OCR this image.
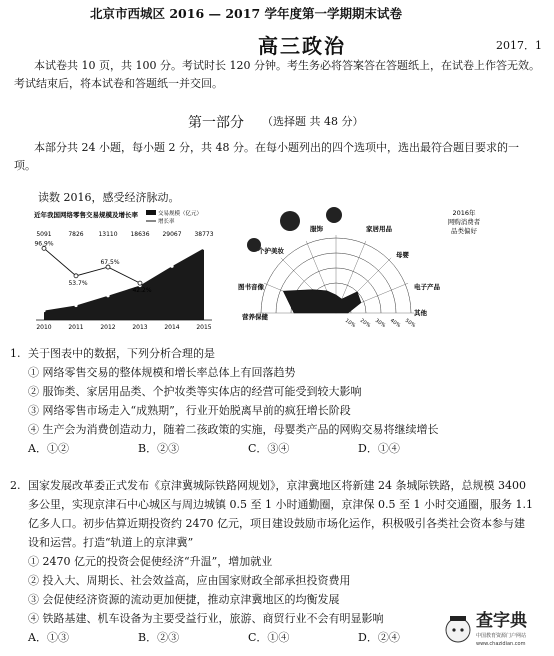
北京市西城区 2016 — 2017 学年度第一学期期末试卷
高三政治	2017．1
本试卷共 10 页，共 100 分。考试时长 120 分钟。考生务必将答案答在答题纸上，在试卷上作答无效。
考试结束后，将本试卷和答题纸一并交回。
第一部分 （选择题 共 48 分）
本部分共 24 小题，每小题 2 分，共 48 分。在每小题列出的四个选项中，选出最符合题目要求的一
项。
读数 2016，感受经济脉动。
近年我国网络零售交易规模及增长率	交易规模（亿元）
增长率
5091	7826 13110 18636 29067 38773
2010	2011	2012	2013	2014	2015
96.9%
53.7%
67.5%
42.2%
2016年
网购消费者
品类偏好
服饰	家居用品
母婴
电子产品
其他
营养保健
图书音像
个护美妆
10% 20% 30% 40% 50%
1. 关于图表中的数据，下列分析合理的是
① 网络零售交易的整体规模和增长率总体上有回落趋势
② 服饰类、家居用品类、个护妆类等实体店的经营可能受到较大影响
③ 网络零售市场走入“成熟期”，行业开始脱离早前的疯狂增长阶段
④ 生产会为消费创造动力，随着二孩政策的实施，母婴类产品的网购交易将继续增长
A．①②	B．②③	C．③④	D．①④
2. 国家发展改革委正式发布《京津冀城际铁路网规划》，京津冀地区将新建 24 条城际铁路，总规模 3400
多公里，实现京津石中心城区与周边城镇 0.5 至 1 小时通勤圈，京津保 0.5 至 1 小时交通圈，服务 1.1
亿多人口。初步估算近期投资约 2470 亿元，项目建设鼓励市场化运作，积极吸引各类社会资本参与建
设和运营。打造“轨道上的京津冀”
① 2470 亿元的投资会促使经济“升温”，增加就业
② 投入大、周期长、社会效益高，应由国家财政全部承担投资费用
③ 会促使经济资源的流动更加便捷，推动京津冀地区的均衡发展
④ 铁路基建、机车设备为主要受益行业，旅游、商贸行业不会有明显影响
A．①③	B．②③	C．①④	D．②④
查字典
中国教育资源门户网站
www.chazidian.com
